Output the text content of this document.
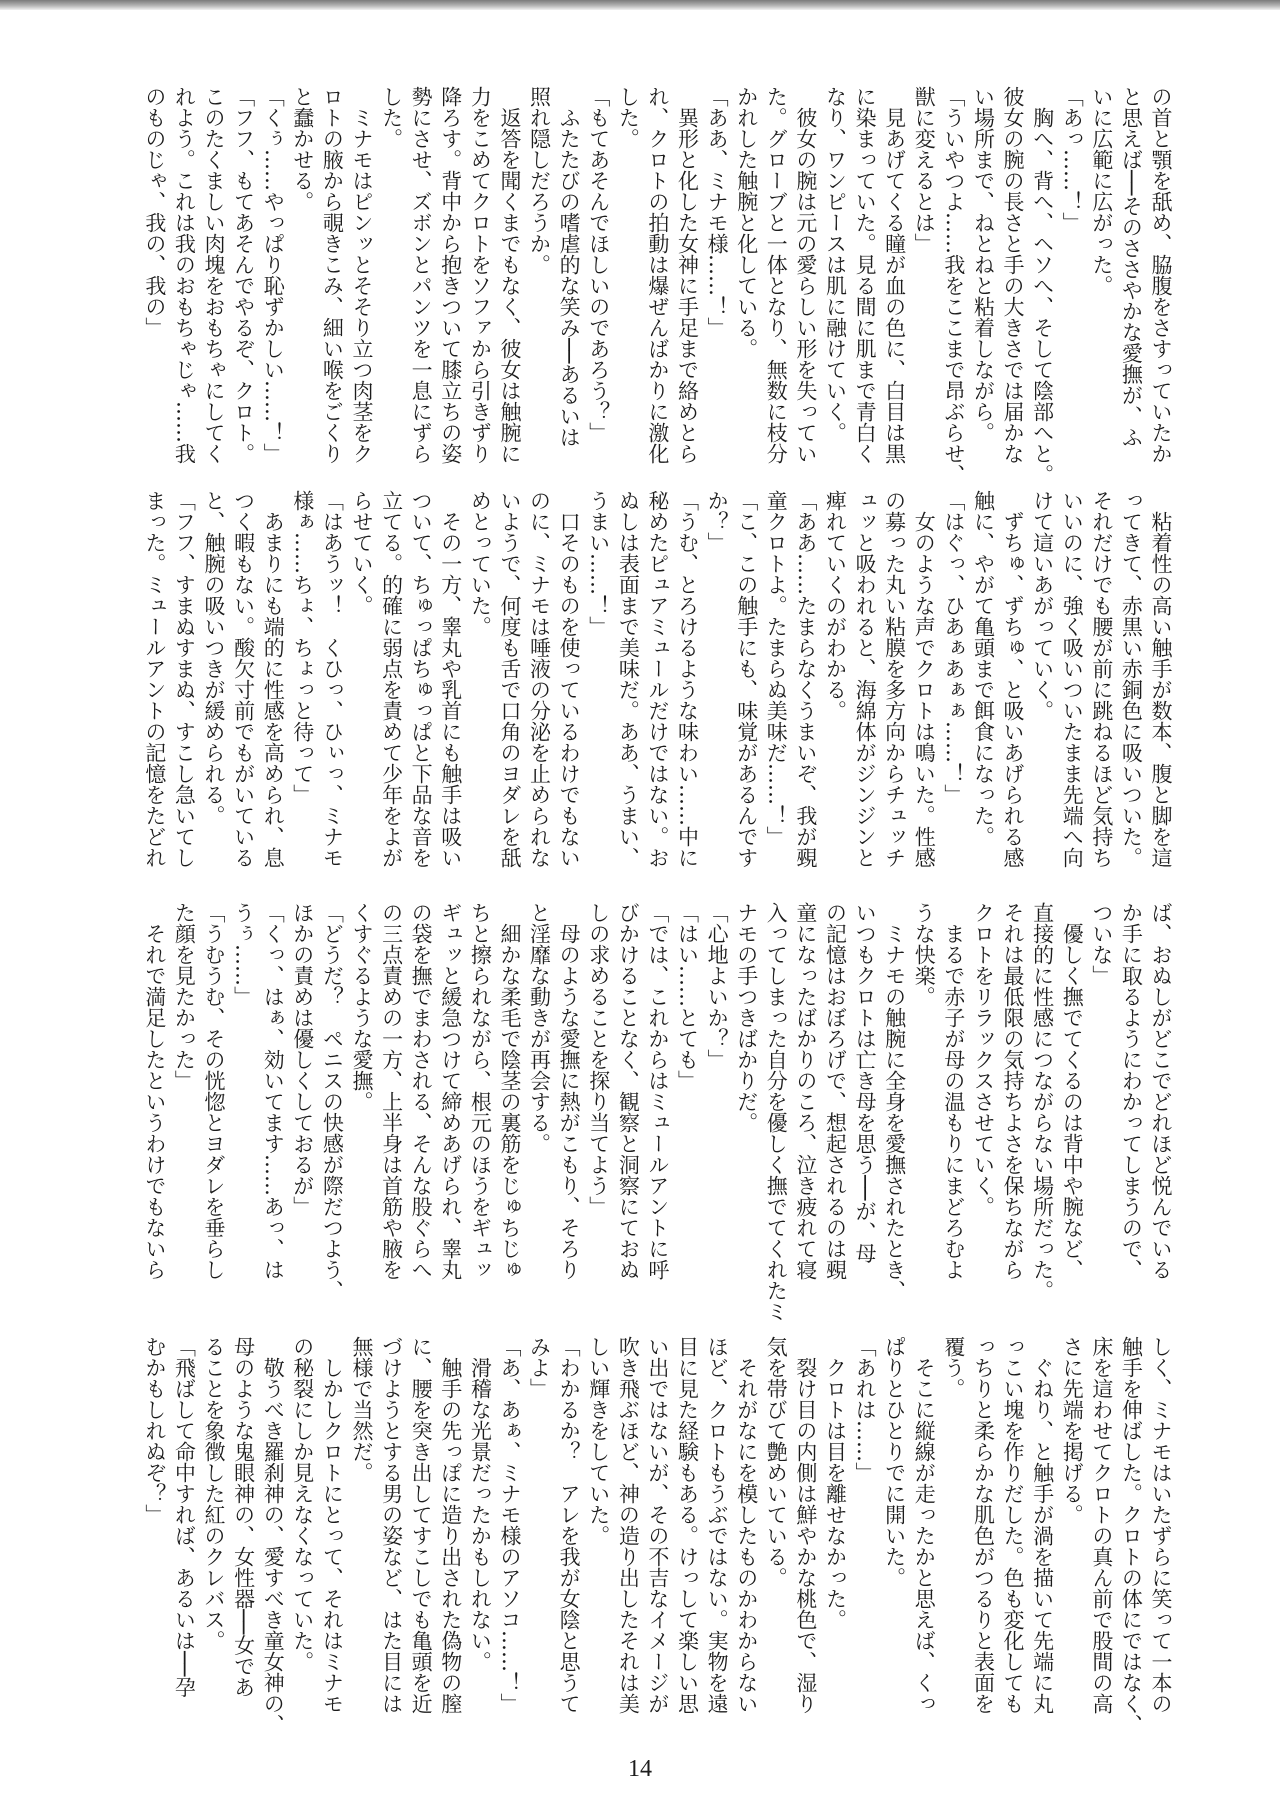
の首と顎を舐め、脇腹をさすっていたか
と思えば──そのささやかな愛撫が、ふ
いに広範に広がった。
「あっ……！」
　胸へ、背へ、ヘソへ、そして陰部へと。
彼女の腕の長さと手の大きさでは届かな
い場所まで、ねとねと粘着しながら。
「ういやつよ……我をここまで昂ぶらせ、
獣に変えるとは」
　見あげてくる瞳が血の色に、白目は黒
に染まっていた。見る間に肌まで青白く
なり、ワンピースは肌に融けていく。
　彼女の腕は元の愛らしい形を失ってい
た。グローブと一体となり、無数に枝分
かれした触腕と化している。
「ああ、ミナモ様……！」
　異形と化した女神に手足まで絡めとら
れ、クロトの拍動は爆ぜんばかりに激化
した。
「もてあそんでほしいのであろう？」
　ふたたびの嗜虐的な笑み──あるいは
照れ隠しだろうか。
　返答を聞くまでもなく、彼女は触腕に
力をこめてクロトをソファから引きずり
降ろす。背中から抱きついて膝立ちの姿
勢にさせ、ズボンとパンツを一息にずら
した。
　ミナモはピンッとそそり立つ肉茎をク
ロトの腋から覗きこみ、細い喉をごくり
と蠢かせる。
「くぅ……やっぱり恥ずかしい……！」
「フフ、もてあそんでやるぞ、クロト。
このたくましい肉塊をおもちゃにしてく
れよう。これは我のおもちゃじゃ……我
のものじゃ、我の、我の」
　粘着性の高い触手が数本、腹と脚を這
ってきて、赤黒い赤銅色に吸いついた。
それだけでも腰が前に跳ねるほど気持ち
いいのに、強く吸いついたまま先端へ向
けて這いあがっていく。
　ずちゅ、ずちゅ、と吸いあげられる感
触に、やがて亀頭まで餌食になった。
「はぐっ、ひあぁあぁぁ……！」
　女のような声でクロトは鳴いた。性感
の募った丸い粘膜を多方向からチュッチ
ュッと吸われると、海綿体がジンジンと
痺れていくのがわかる。
「ああ……たまらなくうまいぞ、我が覡
童クロトよ。たまらぬ美味だ……！」
「こ、この触手にも、味覚があるんです
か？」
「うむ、とろけるような味わい……中に
秘めたピュアミュールだけではない。お
ぬしは表面まで美味だ。ああ、うまい、
うまい……！」
　口そのものを使っているわけでもない
のに、ミナモは唾液の分泌を止められな
いようで、何度も舌で口角のヨダレを舐
めとっていた。
　その一方、睾丸や乳首にも触手は吸い
ついて、ちゅっぱちゅっぱと下品な音を
立てる。的確に弱点を責めて少年をよが
らせていく。
「はあうッ！　くひっ、ひぃっ、ミナモ
様ぁ……ちょ、ちょっと待って」
　あまりにも端的に性感を高められ、息
つく暇もない。酸欠寸前でもがいている
と、触腕の吸いつきが緩められる。
「フフ、すまぬすまぬ、すこし急いてし
まった。ミュールアントの記憶をたどれ
ば、おぬしがどこでどれほど悦んでいる
か手に取るようにわかってしまうので、
ついな」
　優しく撫でてくるのは背中や腕など、
直接的に性感につながらない場所だった。
それは最低限の気持ちよさを保ちながら
クロトをリラックスさせていく。
　まるで赤子が母の温もりにまどろむよ
うな快楽。
　ミナモの触腕に全身を愛撫されたとき、
いつもクロトは亡き母を思う──が、母
の記憶はおぼろげで、想起されるのは覡
童になったばかりのころ、泣き疲れて寝
入ってしまった自分を優しく撫でてくれたミ
ナモの手つきばかりだ。
「心地よいか？」
「はい……とても」
「では、これからはミュールアントに呼
びかけることなく、観察と洞察にておぬ
しの求めることを探り当てよう」
　母のような愛撫に熱がこもり、そろり
と淫靡な動きが再会する。
　細かな柔毛で陰茎の裏筋をじゅちじゅ
ちと擦られながら、根元のほうをギュッ
ギュッと緩急つけて締めあげられ、睾丸
の袋を撫でまわされる、そんな股ぐらへ
の三点責めの一方、上半身は首筋や腋を
くすぐるような愛撫。
「どうだ？　ペニスの快感が際だつよう、
ほかの責めは優しくしておるが」
「くっ、はぁ、効いてます……あっ、は
うぅ……」
「うむうむ、その恍惚とヨダレを垂らし
た顔を見たかった」
　それで満足したというわけでもないら
しく、ミナモはいたずらに笑って一本の
触手を伸ばした。クロトの体にではなく、
床を這わせてクロトの真ん前で股間の高
さに先端を掲げる。
　ぐねり、と触手が渦を描いて先端に丸
っこい塊を作りだした。色も変化しても
っちりと柔らかな肌色がつるりと表面を
覆う。
　そこに縦線が走ったかと思えば、くっ
ぱりとひとりでに開いた。
「あれは……」
　クロトは目を離せなかった。
　裂け目の内側は鮮やかな桃色で、湿り
気を帯びて艶めいている。
　それがなにを模したものかわからない
ほど、クロトもうぶではない。実物を遠
目に見た経験もある。けっして楽しい思
い出ではないが、その不吉なイメージが
吹き飛ぶほど、神の造り出したそれは美
しい輝きをしていた。
「わかるか？　アレを我が女陰と思うて
みよ」
「あ、あぁ、ミナモ様のアソコ……！」
　滑稽な光景だったかもしれない。
　触手の先っぽに造り出された偽物の膣
に、腰を突き出してすこしでも亀頭を近
づけようとする男の姿など、はた目には
無様で当然だ。
　しかしクロトにとって、それはミナモ
の秘裂にしか見えなくなっていた。
　敬うべき羅刹神の、愛すべき童女神の、
母のような鬼眼神の、女性器──女であ
ることを象徴した紅のクレバス。
「飛ばして命中すれば、あるいは──孕
むかもしれぬぞ？」
14
